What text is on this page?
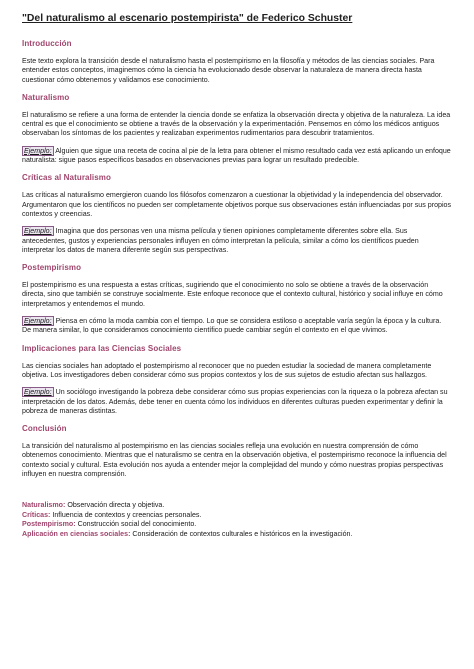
"Del naturalismo al escenario postempirista" de Federico Schuster
Introducción

Este texto explora la transición desde el naturalismo hasta el postempirismo en la filosofía y métodos de las ciencias sociales. Para entender estos conceptos, imaginemos cómo la ciencia ha evolucionado desde observar la naturaleza de manera directa hasta cuestionar cómo obtenemos y validamos ese conocimiento.

Naturalismo

El naturalismo se refiere a una forma de entender la ciencia donde se enfatiza la observación directa y objetiva de la naturaleza. La idea central es que el conocimiento se obtiene a través de la observación y la experimentación. Pensemos en cómo los médicos antiguos observaban los síntomas de los pacientes y realizaban experimentos rudimentarios para descubrir tratamientos.

Ejemplo: Alguien que sigue una receta de cocina al pie de la letra para obtener el mismo resultado cada vez está aplicando un enfoque naturalista: sigue pasos específicos basados en observaciones previas para lograr un resultado predecible.

Críticas al Naturalismo

Las críticas al naturalismo emergieron cuando los filósofos comenzaron a cuestionar la objetividad y la independencia del observador. Argumentaron que los científicos no pueden ser completamente objetivos porque sus observaciones están influenciadas por sus propios contextos y creencias.

Ejemplo: Imagina que dos personas ven una misma película y tienen opiniones completamente diferentes sobre ella. Sus antecedentes, gustos y experiencias personales influyen en cómo interpretan la película, similar a cómo los científicos pueden interpretar los datos de manera diferente según sus perspectivas.

Postempirismo

El postempirismo es una respuesta a estas críticas, sugiriendo que el conocimiento no solo se obtiene a través de la observación directa, sino que también se construye socialmente. Este enfoque reconoce que el contexto cultural, histórico y social influye en cómo interpretamos y entendemos el mundo.

Ejemplo: Piensa en cómo la moda cambia con el tiempo. Lo que se considera estiloso o aceptable varía según la época y la cultura. De manera similar, lo que consideramos conocimiento científico puede cambiar según el contexto en el que vivimos.

Implicaciones para las Ciencias Sociales

Las ciencias sociales han adoptado el postempirismo al reconocer que no pueden estudiar la sociedad de manera completamente objetiva. Los investigadores deben considerar cómo sus propios contextos y los de sus sujetos de estudio afectan sus hallazgos.

Ejemplo: Un sociólogo investigando la pobreza debe considerar cómo sus propias experiencias con la riqueza o la pobreza afectan su interpretación de los datos. Además, debe tener en cuenta cómo los individuos en diferentes culturas pueden experimentar y definir la pobreza de maneras distintas.

Conclusión

La transición del naturalismo al postempirismo en las ciencias sociales refleja una evolución en nuestra comprensión de cómo obtenemos conocimiento. Mientras que el naturalismo se centra en la observación objetiva, el postempirismo reconoce la influencia del contexto social y cultural. Esta evolución nos ayuda a entender mejor la complejidad del mundo y cómo nuestras propias perspectivas influyen en nuestra comprensión.

Naturalismo: Observación directa y objetiva.
Críticas: Influencia de contextos y creencias personales.
Postempirismo: Construcción social del conocimiento.
Aplicación en ciencias sociales: Consideración de contextos culturales e históricos en la investigación.
